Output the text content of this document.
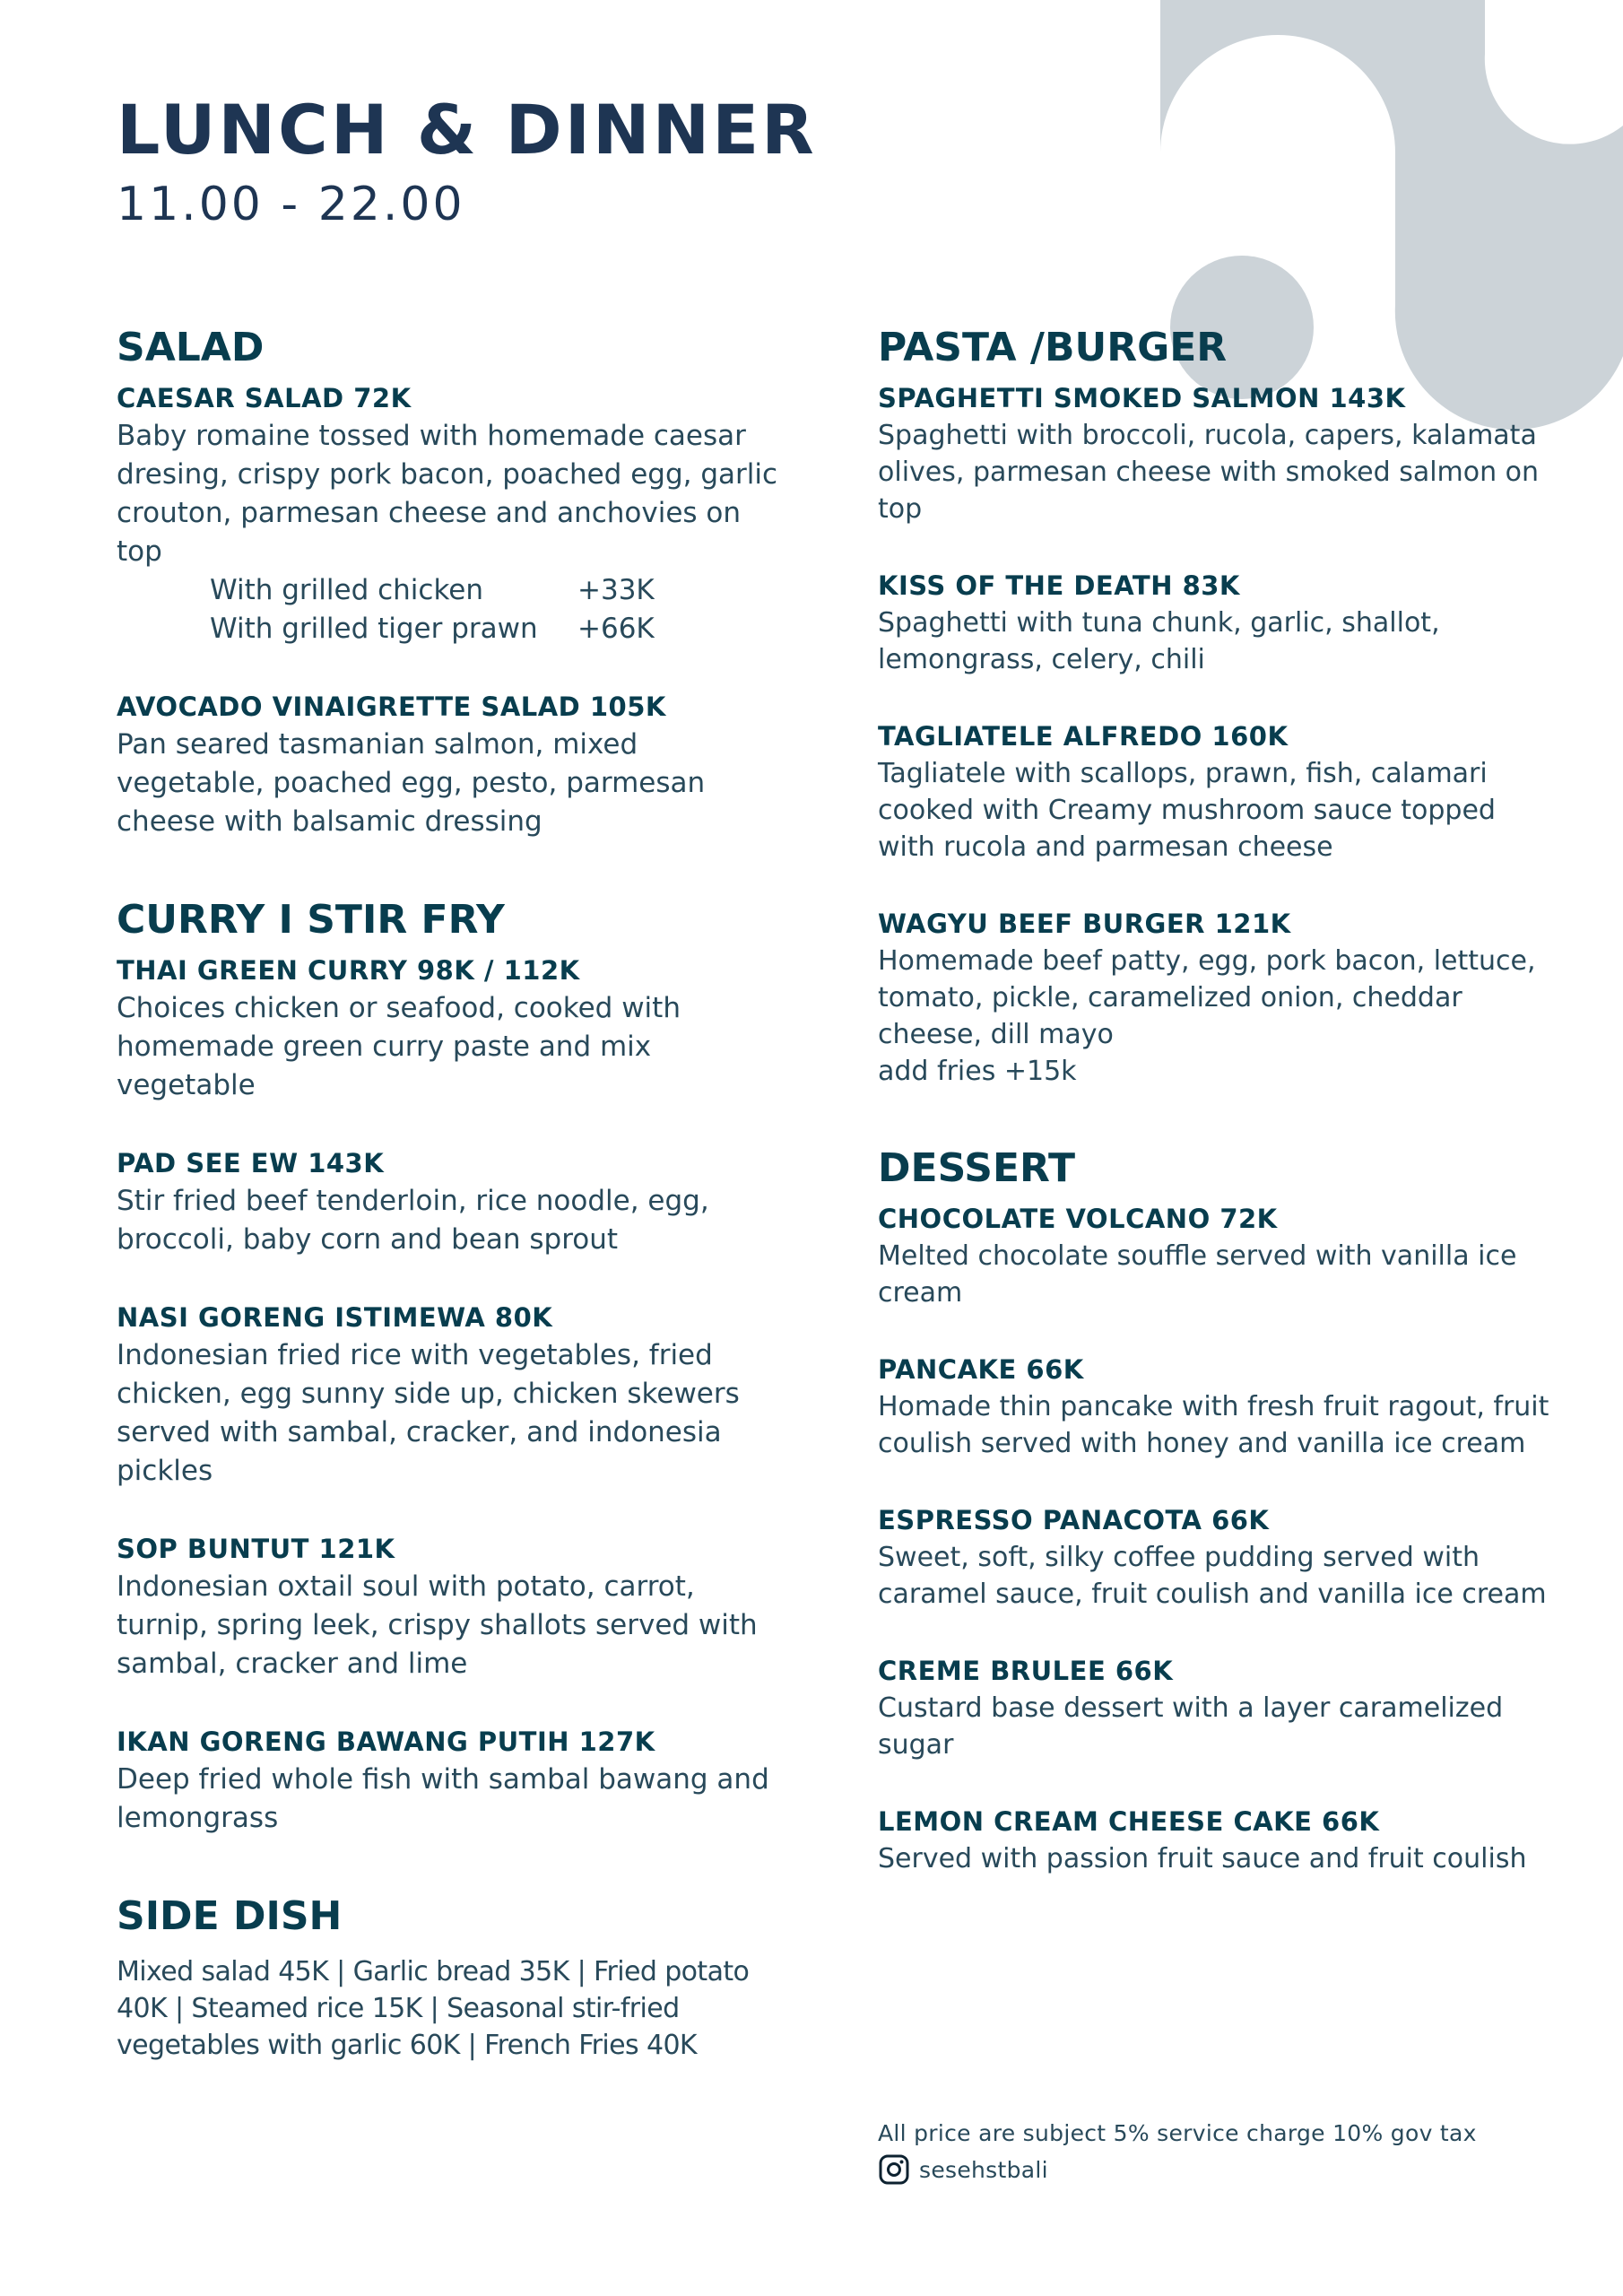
LUNCH & DINNER
11.00 - 22.00
SALAD
CAESAR SALAD 72K
Baby romaine tossed with homemade caesar dresing, crispy pork bacon, poached egg, garlic crouton, parmesan cheese and anchovies on top
With grilled chicken	+33K
With grilled tiger prawn	+66K
AVOCADO VINAIGRETTE SALAD 105K
Pan seared tasmanian salmon, mixed vegetable, poached egg, pesto, parmesan cheese with balsamic dressing
CURRY I STIR FRY
THAI GREEN CURRY 98K / 112K
Choices chicken or seafood, cooked with homemade green curry paste and mix vegetable
PAD SEE EW 143K
Stir fried beef tenderloin, rice noodle, egg, broccoli, baby corn and bean sprout
NASI GORENG ISTIMEWA 80K
Indonesian fried rice with vegetables, fried chicken, egg sunny side up, chicken skewers served with sambal, cracker, and indonesia pickles
SOP BUNTUT 121K
Indonesian oxtail soul with potato, carrot, turnip, spring leek, crispy shallots served with sambal, cracker and lime
IKAN GORENG BAWANG PUTIH 127K
Deep fried whole fish with sambal bawang and lemongrass
SIDE DISH
Mixed salad 45K | Garlic bread 35K | Fried potato 40K | Steamed rice 15K | Seasonal stir-fried vegetables with garlic 60K | French Fries 40K
PASTA /BURGER
SPAGHETTI SMOKED SALMON 143K
Spaghetti with broccoli, rucola, capers, kalamata olives, parmesan cheese with smoked salmon on top
KISS OF THE DEATH 83K
Spaghetti with tuna chunk, garlic, shallot, lemongrass, celery, chili
TAGLIATELE ALFREDO 160K
Tagliatele with scallops, prawn, fish, calamari cooked with Creamy mushroom sauce topped with rucola and parmesan cheese
WAGYU BEEF BURGER 121K
Homemade beef patty, egg, pork bacon, lettuce, tomato, pickle, caramelized onion, cheddar cheese, dill mayo
add fries +15k
DESSERT
CHOCOLATE VOLCANO 72K
Melted chocolate souffle served with vanilla ice cream
PANCAKE 66K
Homade thin pancake with fresh fruit ragout, fruit coulish served with honey and vanilla ice cream
ESPRESSO PANACOTA 66K
Sweet, soft, silky coffee pudding served with caramel sauce, fruit coulish and vanilla ice cream
CREME BRULEE 66K
Custard base dessert with a layer caramelized sugar
LEMON CREAM CHEESE CAKE 66K
Served with passion fruit sauce and fruit coulish
All price are subject 5% service charge 10% gov tax
sesehstbali
